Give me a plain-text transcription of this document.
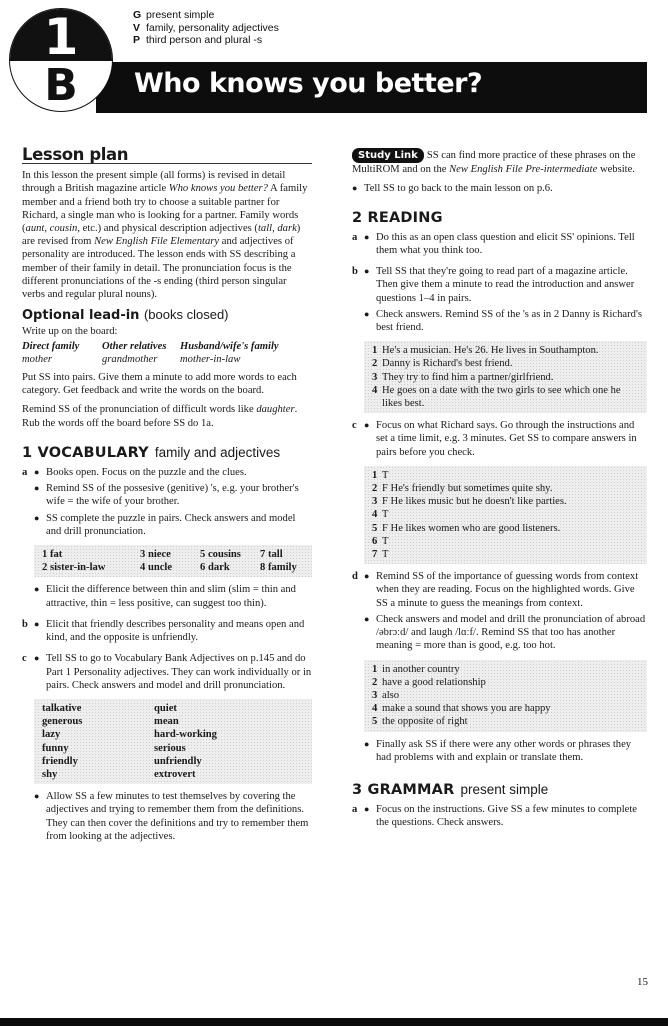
1
B
G present simple
V family, personality adjectives
P third person and plural -s
Who knows you better?
Lesson plan

In this lesson the present simple (all forms) is revised in detail through a British magazine article Who knows you better? A family member and a friend both try to choose a suitable partner for Richard, a single man who is looking for a partner. Family words (aunt, cousin, etc.) and physical description adjectives (tall, dark) are revised from New English File Elementary and adjectives of personality are introduced. The lesson ends with SS describing a member of their family in detail. The pronunciation focus is the different pronunciations of the -s ending (third person singular verbs and regular plural nouns).

Optional lead-in (books closed)
Write up on the board:
Direct family	Other relatives	Husband/wife's family
mother	grandmother	mother-in-law

Put SS into pairs. Give them a minute to add more words to each category. Get feedback and write the words on the board.

Remind SS of the pronunciation of difficult words like daughter. Rub the words off the board before SS do 1a.

1 VOCABULARY family and adjectives
a ● Books open. Focus on the puzzle and the clues.
● Remind SS of the possesive (genitive) 's, e.g. your brother's wife = the wife of your brother.
● SS complete the puzzle in pairs. Check answers and model and drill pronunciation.
1 fat	3 niece	5 cousins	7 tall
2 sister-in-law	4 uncle	6 dark	8 family
● Elicit the difference between thin and slim (slim = thin and attractive, thin = less positive, can suggest too thin).
b ● Elicit that friendly describes personality and means open and kind, and the opposite is unfriendly.
c ● Tell SS to go to Vocabulary Bank Adjectives on p.145 and do Part 1 Personality adjectives. They can work individually or in pairs. Check answers and model and drill pronunciation.
talkative	quiet
generous	mean
lazy	hard-working
funny	serious
friendly	unfriendly
shy	extrovert
● Allow SS a few minutes to test themselves by covering the adjectives and trying to remember them from the definitions. They can then cover the definitions and try to remember them from looking at the adjectives.

Study Link SS can find more practice of these phrases on the MultiROM and on the New English File Pre-intermediate website.

● Tell SS to go back to the main lesson on p.6.
2 READING
a ● Do this as an open class question and elicit SS' opinions. Tell them what you think too.
b ● Tell SS that they're going to read part of a magazine article. Then give them a minute to read the introduction and answer questions 1–4 in pairs.
● Check answers. Remind SS of the 's as in 2 Danny is Richard's best friend.
1 He's a musician. He's 26. He lives in Southampton.
2 Danny is Richard's best friend.
3 They try to find him a partner/girlfriend.
4 He goes on a date with the two girls to see which one he likes best.
c ● Focus on what Richard says. Go through the instructions and set a time limit, e.g. 3 minutes. Get SS to compare answers in pairs before you check.
1 T
2 F He's friendly but sometimes quite shy.
3 F He likes music but he doesn't like parties.
4 T
5 F He likes women who are good listeners.
6 T
7 T
d ● Remind SS of the importance of guessing words from context when they are reading. Focus on the highlighted words. Give SS a minute to guess the meanings from context.
● Check answers and model and drill the pronunciation of abroad /əbrɔːd/ and laugh /lɑːf/. Remind SS that too has another meaning = more than is good, e.g. too hot.
1 in another country
2 have a good relationship
3 also
4 make a sound that shows you are happy
5 the opposite of right
● Finally ask SS if there were any other words or phrases they had problems with and explain or translate them.
3 GRAMMAR present simple
a ● Focus on the instructions. Give SS a few minutes to complete the questions. Check answers.
15
